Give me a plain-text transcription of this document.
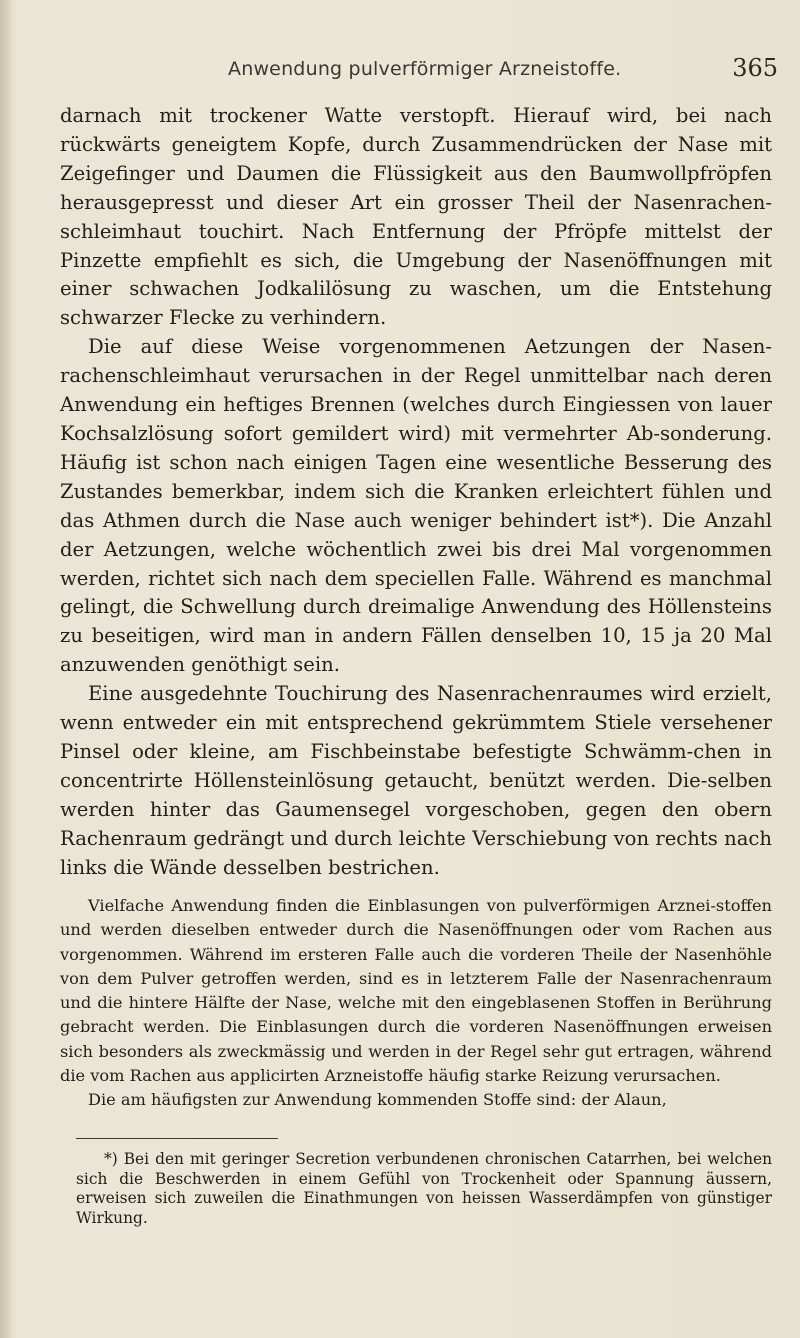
Anwendung pulverförmiger Arzneistoffe.	365

darnach mit trockener Watte verstopft. Hierauf wird, bei nach rückwärts geneigtem Kopfe, durch Zusammendrücken der Nase mit Zeigefinger und Daumen die Flüssigkeit aus den Baumwollpfröpfen herausgepresst und dieser Art ein grosser Theil der Nasenrachen-schleimhaut touchirt. Nach Entfernung der Pfröpfe mittelst der Pinzette empfiehlt es sich, die Umgebung der Nasenöffnungen mit einer schwachen Jodkalilösung zu waschen, um die Entstehung schwarzer Flecke zu verhindern.

Die auf diese Weise vorgenommenen Aetzungen der Nasen-rachenschleimhaut verursachen in der Regel unmittelbar nach deren Anwendung ein heftiges Brennen (welches durch Eingiessen von lauer Kochsalzlösung sofort gemildert wird) mit vermehrter Ab-sonderung. Häufig ist schon nach einigen Tagen eine wesentliche Besserung des Zustandes bemerkbar, indem sich die Kranken erleichtert fühlen und das Athmen durch die Nase auch weniger behindert ist*). Die Anzahl der Aetzungen, welche wöchentlich zwei bis drei Mal vorgenommen werden, richtet sich nach dem speciellen Falle. Während es manchmal gelingt, die Schwellung durch dreimalige Anwendung des Höllensteins zu beseitigen, wird man in andern Fällen denselben 10, 15 ja 20 Mal anzuwenden genöthigt sein.

Eine ausgedehnte Touchirung des Nasenrachenraumes wird erzielt, wenn entweder ein mit entsprechend gekrümmtem Stiele versehener Pinsel oder kleine, am Fischbeinstabe befestigte Schwämm-chen in concentrirte Höllensteinlösung getaucht, benützt werden. Die-selben werden hinter das Gaumensegel vorgeschoben, gegen den obern Rachenraum gedrängt und durch leichte Verschiebung von rechts nach links die Wände desselben bestrichen.

Vielfache Anwendung finden die Einblasungen von pulverförmigen Arznei-stoffen und werden dieselben entweder durch die Nasenöffnungen oder vom Rachen aus vorgenommen. Während im ersteren Falle auch die vorderen Theile der Nasenhöhle von dem Pulver getroffen werden, sind es in letzterem Falle der Nasenrachenraum und die hintere Hälfte der Nase, welche mit den eingeblasenen Stoffen in Berührung gebracht werden. Die Einblasungen durch die vorderen Nasenöffnungen erweisen sich besonders als zweckmässig und werden in der Regel sehr gut ertragen, während die vom Rachen aus applicirten Arzneistoffe häufig starke Reizung verursachen.

Die am häufigsten zur Anwendung kommenden Stoffe sind: der Alaun,

*) Bei den mit geringer Secretion verbundenen chronischen Catarrhen, bei welchen sich die Beschwerden in einem Gefühl von Trockenheit oder Spannung äussern, erweisen sich zuweilen die Einathmungen von heissen Wasserdämpfen von günstiger Wirkung.
